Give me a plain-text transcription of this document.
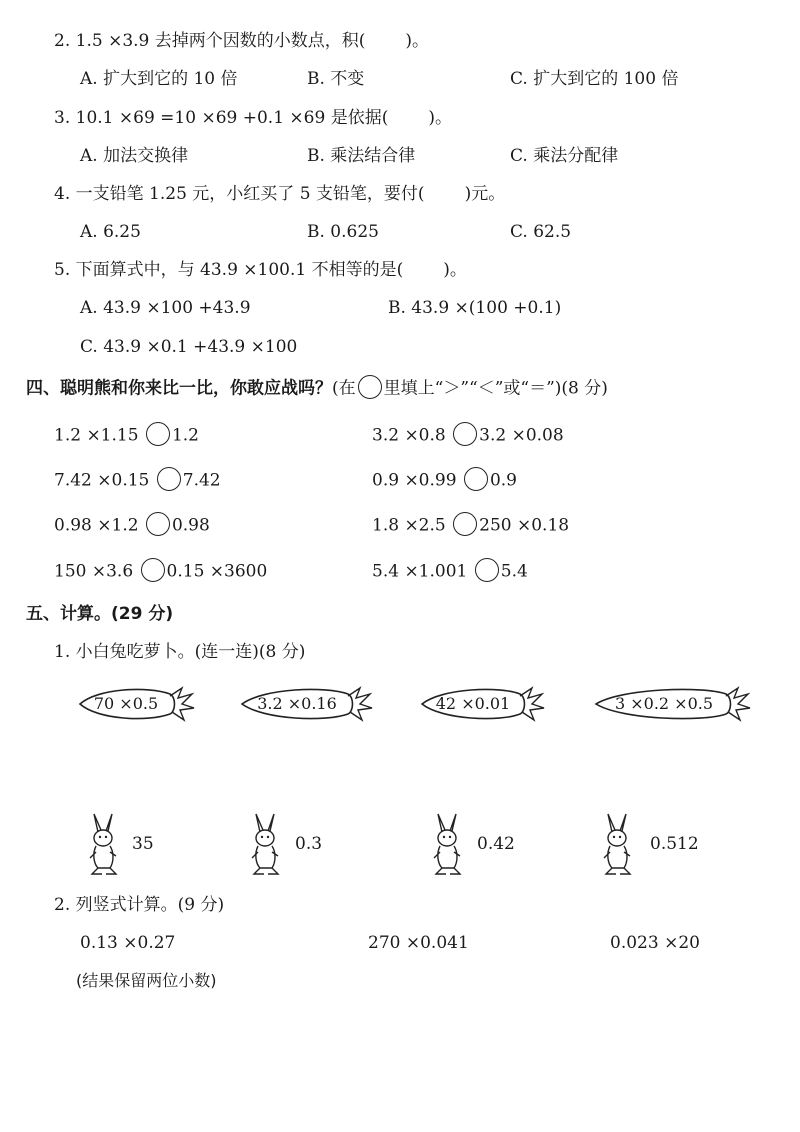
2. 1.5 ×3.9 去掉两个因数的小数点，积( )。
A. 扩大到它的 10 倍	B. 不变	C. 扩大到它的 100 倍
3. 10.1 ×69 =10 ×69 +0.1 ×69 是依据( )。
A. 加法交换律	B. 乘法结合律	C. 乘法分配律
4. 一支铅笔 1.25 元，小红买了 5 支铅笔，要付( )元。
A. 6.25	B. 0.625	C. 62.5
5. 下面算式中，与 43.9 ×100.1 不相等的是( )。
A. 43.9 ×100 +43.9	B. 43.9 ×(100 +0.1)
C. 43.9 ×0.1 +43.9 ×100
四、聪明熊和你来比一比，你敢应战吗？(在 里填上“＞”“＜”或“＝”)(8 分)
1.2 ×1.15 1.2	3.2 ×0.8 3.2 ×0.08
7.42 ×0.15 7.42	0.9 ×0.99 0.9
0.98 ×1.2 0.98	1.8 ×2.5 250 ×0.18
150 ×3.6 0.15 ×3600	5.4 ×1.001 5.4
五、计算。(29 分)
1. 小白兔吃萝卜。(连一连)(8 分)
70 ×0.5	3.2 ×0.16	42 ×0.01	3 ×0.2 ×0.5
35	0.3	0.42	0.512
2. 列竖式计算。(9 分)
0.13 ×0.27	270 ×0.041	0.023 ×20
(结果保留两位小数)
